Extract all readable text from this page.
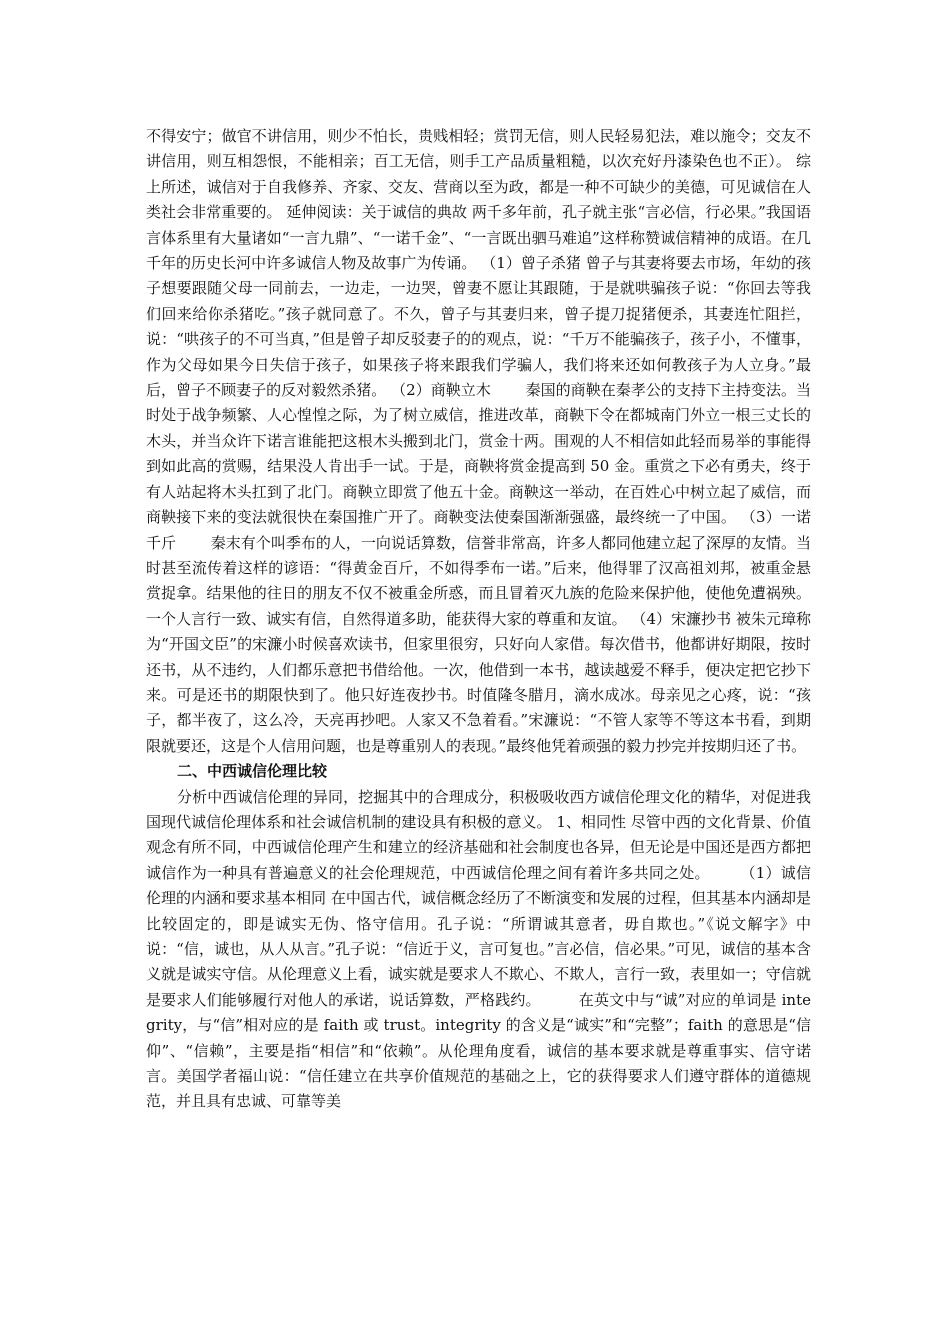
不得安宁；做官不讲信用，则少不怕长，贵贱相轻；赏罚无信，则人民轻易犯法，难以施令；交友不讲信用，则互相怨恨，不能相亲；百工无信，则手工产品质量粗糙，以次充好丹漆染色也不正）。 综上所述，诚信对于自我修养、齐家、交友、营商以至为政，都是一种不可缺少的美德，可见诚信在人类社会非常重要的。 延伸阅读：关于诚信的典故 两千多年前，孔子就主张“言必信，行必果。”我国语言体系里有大量诸如“一言九鼎”、“一诺千金”、“一言既出驷马难追”这样称赞诚信精神的成语。在几千年的历史长河中许多诚信人物及故事广为传诵。 （1）曾子杀猪 曾子与其妻将要去市场，年幼的孩子想要跟随父母一同前去，一边走，一边哭，曾妻不愿让其跟随，于是就哄骗孩子说：“你回去等我们回来给你杀猪吃。”孩子就同意了。不久，曾子与其妻归来，曾子提刀捉猪便杀，其妻连忙阻拦，说：“哄孩子的不可当真，”但是曾子却反驳妻子的的观点，说：“千万不能骗孩子，孩子小，不懂事，作为父母如果今日失信于孩子，如果孩子将来跟我们学骗人，我们将来还如何教孩子为人立身。”最后，曾子不顾妻子的反对毅然杀猪。 （2）商鞅立木　　 秦国的商鞅在秦孝公的支持下主持变法。当时处于战争频繁、人心惶惶之际，为了树立威信，推进改革，商鞅下令在都城南门外立一根三丈长的木头，并当众许下诺言谁能把这根木头搬到北门，赏金十两。围观的人不相信如此轻而易举的事能得到如此高的赏赐，结果没人肯出手一试。于是，商鞅将赏金提高到 50 金。重赏之下必有勇夫，终于有人站起将木头扛到了北门。商鞅立即赏了他五十金。商鞅这一举动，在百姓心中树立起了威信，而商鞅接下来的变法就很快在秦国推广开了。商鞅变法使秦国渐渐强盛，最终统一了中国。 （3）一诺千斤　　 秦末有个叫季布的人，一向说话算数，信誉非常高，许多人都同他建立起了深厚的友情。当时甚至流传着这样的谚语：“得黄金百斤，不如得季布一诺。”后来，他得罪了汉高祖刘邦，被重金悬赏捉拿。结果他的往日的朋友不仅不被重金所惑，而且冒着灭九族的危险来保护他，使他免遭祸殃。一个人言行一致、诚实有信，自然得道多助，能获得大家的尊重和友谊。 （4）宋濂抄书 被朱元璋称为“开国文臣”的宋濂小时候喜欢读书，但家里很穷，只好向人家借。每次借书，他都讲好期限，按时还书，从不违约，人们都乐意把书借给他。一次，他借到一本书，越读越爱不释手，便决定把它抄下来。可是还书的期限快到了。他只好连夜抄书。时值隆冬腊月，滴水成冰。母亲见之心疼，说：“孩子，都半夜了，这么冷，天亮再抄吧。人家又不急着看。”宋濂说：“不管人家等不等这本书看，到期限就要还，这是个人信用问题，也是尊重别人的表现。”最终他凭着顽强的毅力抄完并按期归还了书。

二、中西诚信伦理比较

分析中西诚信伦理的异同，挖掘其中的合理成分，积极吸收西方诚信伦理文化的精华，对促进我国现代诚信伦理体系和社会诚信机制的建设具有积极的意义。 1、相同性 尽管中西的文化背景、价值观念有所不同，中西诚信伦理产生和建立的经济基础和社会制度也各异，但无论是中国还是西方都把诚信作为一种具有普遍意义的社会伦理规范，中西诚信伦理之间有着许多共同之处。　　　（1）诚信伦理的内涵和要求基本相同 在中国古代，诚信概念经历了不断演变和发展的过程，但其基本内涵却是比较固定的，即是诚实无伪、恪守信用。孔子说：“所谓诚其意者，毋自欺也。”《说文解字》中说：“信，诚也，从人从言。”孔子说：“信近于义，言可复也。”言必信，信必果。”可见，诚信的基本含义就是诚实守信。从伦理意义上看，诚实就是要求人不欺心、不欺人，言行一致，表里如一；守信就是要求人们能够履行对他人的承诺，说话算数，严格践约。　　　在英文中与“诚”对应的单词是 integrity，与“信”相对应的是 faith 或 trust。integrity 的含义是“诚实”和“完整”；faith 的意思是“信仰”、“信赖”，主要是指“相信”和“依赖”。从伦理角度看，诚信的基本要求就是尊重事实、信守诺言。美国学者福山说：“信任建立在共享价值规范的基础之上，它的获得要求人们遵守群体的道德规范，并且具有忠诚、可靠等美
